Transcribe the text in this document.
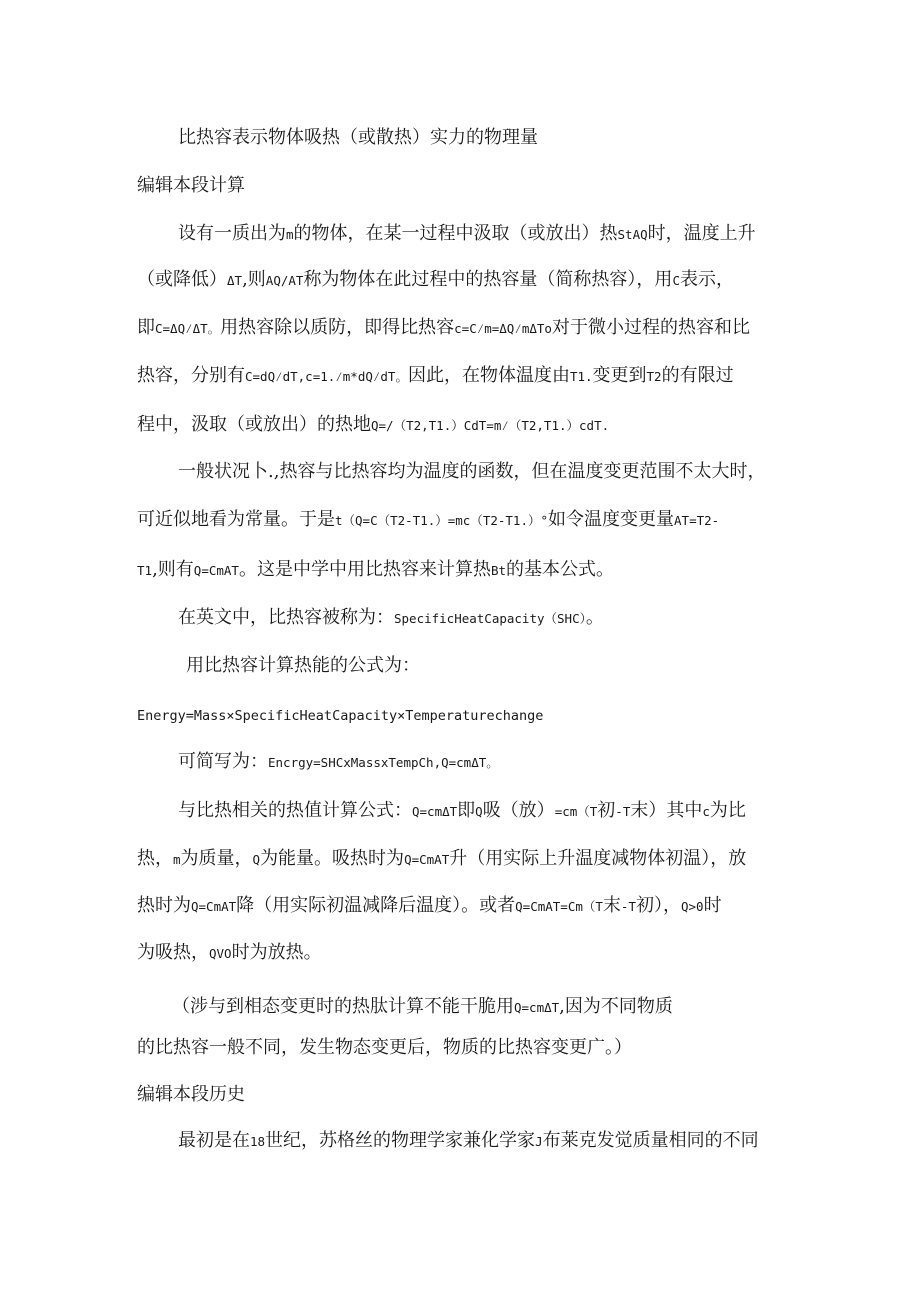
比热容表示物体吸热（或散热）实力的物理量
编辑本段计算
设有一质出为m的物体，在某一过程中汲取（或放出）热StAQ时，温度上升
（或降低）ΔT,则AQ/AT称为物体在此过程中的热容量（简称热容），用C表示，
即C=ΔQ⁄ΔT。用热容除以质防，即得比热容c=C⁄m=ΔQ⁄mΔTo对于微小过程的热容和比
热容，分别有C=dQ⁄dT,c=1.⁄m*dQ⁄dT。因此，在物体温度由T1.变更到T2的有限过
程中，汲取（或放出）的热地Q=/（T2,T1.）CdT=m⁄（T2,T1.）cdT.
一般状况卜.,热容与比热容均为温度的函数，但在温度变更范围不太大时，
可近似地看为常量。于是t（Q=C（T2-T1.）=mc（T2-T1.）°如令温度变更量AT=T2-
T1,则有Q=CmAT。这是中学中用比热容来计算热Bt的基本公式。
在英文中，比热容被称为：SpecificHeatCapacity（SHC）。
用比热容计算热能的公式为：
Energy=Mass×SpecificHeatCapacity×Temperaturechange
可简写为：Encrgy=SHCxMassxTempCh,Q=cmΔT。
与比热相关的热值计算公式：Q=cmΔT即Q吸（放）=cm（T初-T末）其中c为比
热，m为质量，Q为能量。吸热时为Q=CmAT升（用实际上升温度减物体初温），放
热时为Q=CmAT降（用实际初温减降后温度）。或者Q=CmAT=Cm（T末-T初），Q>0时
为吸热，QVO时为放热。
（涉与到相态变更时的热肽计算不能干脆用Q=cmΔT,因为不同物质
的比热容一般不同，发生物态变更后，物质的比热容变更广。）
编辑本段历史
最初是在18世纪，苏格丝的物理学家兼化学家J布莱克发觉质量相同的不同
